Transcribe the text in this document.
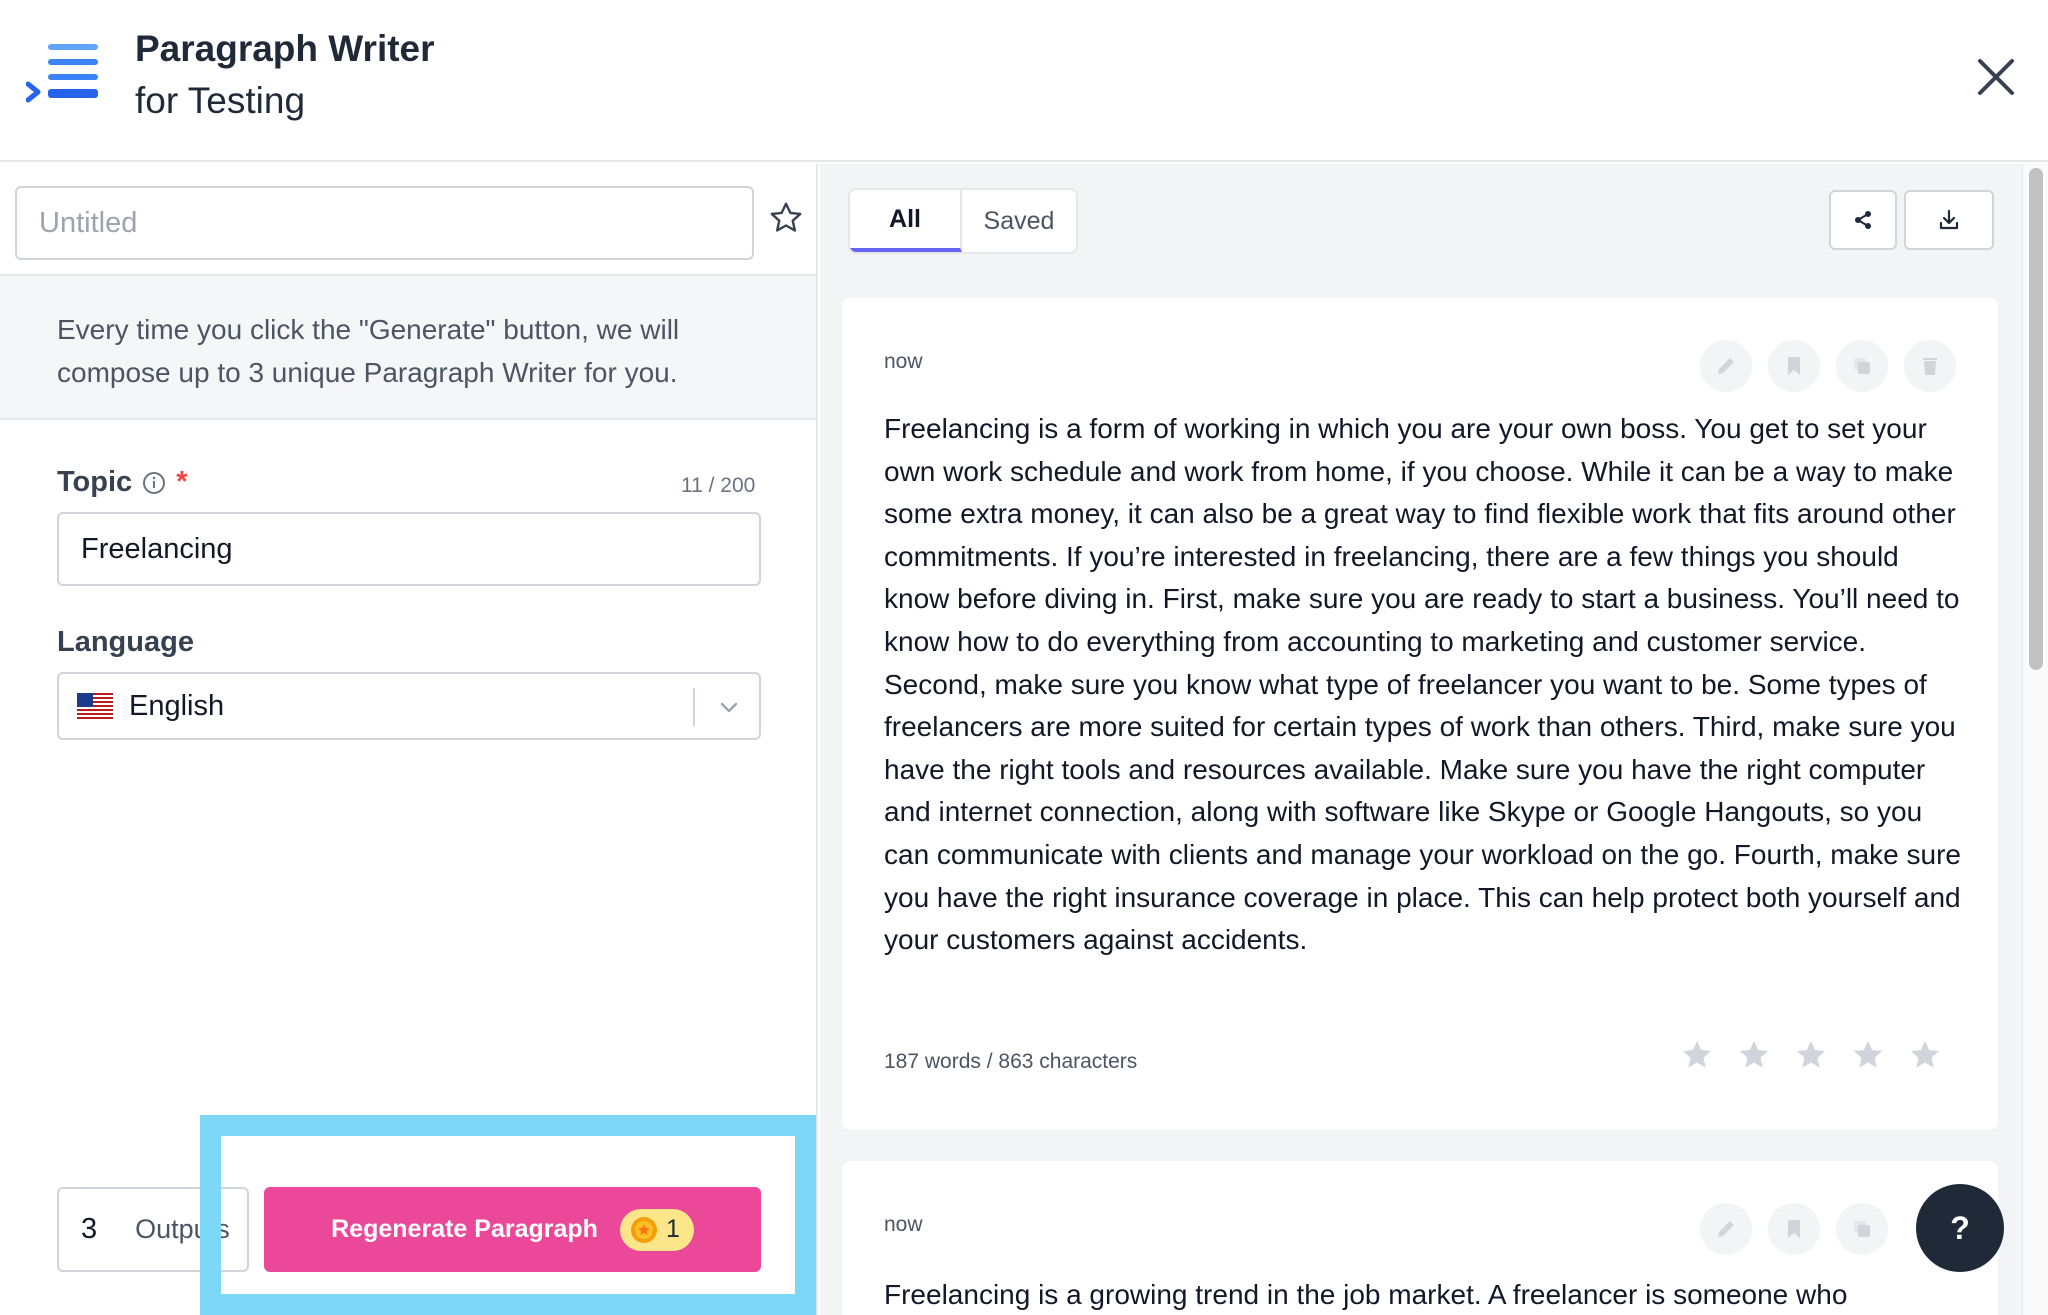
Paragraph Writer
for Testing
Untitled
Every time you click the "Generate" button, we will compose up to 3 unique Paragraph Writer for you.
Topic *	11 / 200
Freelancing
Language
English
3 Outputs	Regenerate Paragraph	1
All	Saved
now
Freelancing is a form of working in which you are your own boss. You get to set your own work schedule and work from home, if you choose. While it can be a way to make some extra money, it can also be a great way to find flexible work that fits around other commitments. If you’re interested in freelancing, there are a few things you should know before diving in. First, make sure you are ready to start a business. You’ll need to know how to do everything from accounting to marketing and customer service. Second, make sure you know what type of freelancer you want to be. Some types of freelancers are more suited for certain types of work than others. Third, make sure you have the right tools and resources available. Make sure you have the right computer and internet connection, along with software like Skype or Google Hangouts, so you can communicate with clients and manage your workload on the go. Fourth, make sure you have the right insurance coverage in place. This can help protect both yourself and your customers against accidents.
187 words / 863 characters
now
Freelancing is a growing trend in the job market. A freelancer is someone who
?
